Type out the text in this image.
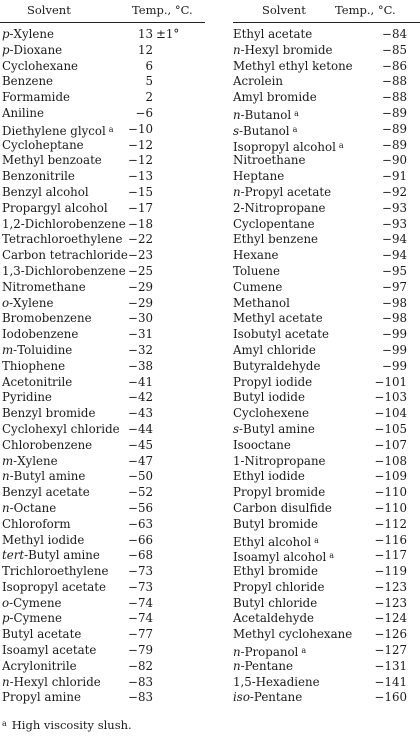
Solvent	Temp., °C.	Solvent	Temp., °C.
p-Xylene	13 ±1°
p-Dioxane	12
Cyclohexane	6
Benzene	5
Formamide	2
Aniline	−6
Diethylene glycol $^a$	−10
Cycloheptane	−12
Methyl benzoate	−12
Benzonitrile	−13
Benzyl alcohol	−15
Propargyl alcohol	−17
1,2-Dichlorobenzene −18
Tetrachloroethylene −22
Carbon tetrachloride −23
1,3-Dichlorobenzene −25
Nitromethane	−29
o-Xylene	−29
Bromobenzene	−30
Iodobenzene	−31
m-Toluidine	−32
Thiophene	−38
Acetonitrile	−41
Pyridine	−42
Benzyl bromide	−43
Cyclohexyl chloride −44
Chlorobenzene	−45
m-Xylene	−47
n-Butyl amine	−50
Benzyl acetate	−52
n-Octane	−56
Chloroform	−63
Methyl iodide	−66
tert-Butyl amine	−68
Trichloroethylene	−73
Isopropyl acetate	−73
o-Cymene	−74
p-Cymene	−74
Butyl acetate	−77
Isoamyl acetate	−79
Acrylonitrile	−82
n-Hexyl chloride	−83
Propyl amine	−83
Ethyl acetate	−84
n-Hexyl bromide	−85
Methyl ethyl ketone	−86
Acrolein	−88
Amyl bromide	−88
n-Butanol $^a$	−89
s-Butanol $^a$	−89
Isopropyl alcohol $^a$	−89
Nitroethane	−90
Heptane	−91
n-Propyl acetate	−92
2-Nitropropane	−93
Cyclopentane	−93
Ethyl benzene	−94
Hexane	−94
Toluene	−95
Cumene	−97
Methanol	−98
Methyl acetate	−98
Isobutyl acetate	−99
Amyl chloride	−99
Butyraldehyde	−99
Propyl iodide	−101
Butyl iodide	−103
Cyclohexene	−104
s-Butyl amine	−105
Isooctane	−107
1-Nitropropane	−108
Ethyl iodide	−109
Propyl bromide	−110
Carbon disulfide	−110
Butyl bromide	−112
Ethyl alcohol $^a$	−116
Isoamyl alcohol $^a$	−117
Ethyl bromide	−119
Propyl chloride	−123
Butyl chloride	−123
Acetaldehyde	−124
Methyl cyclohexane	−126
n-Propanol $^a$	−127
n-Pentane	−131
1,5-Hexadiene	−141
iso-Pentane	−160
$^a$ High viscosity slush.
